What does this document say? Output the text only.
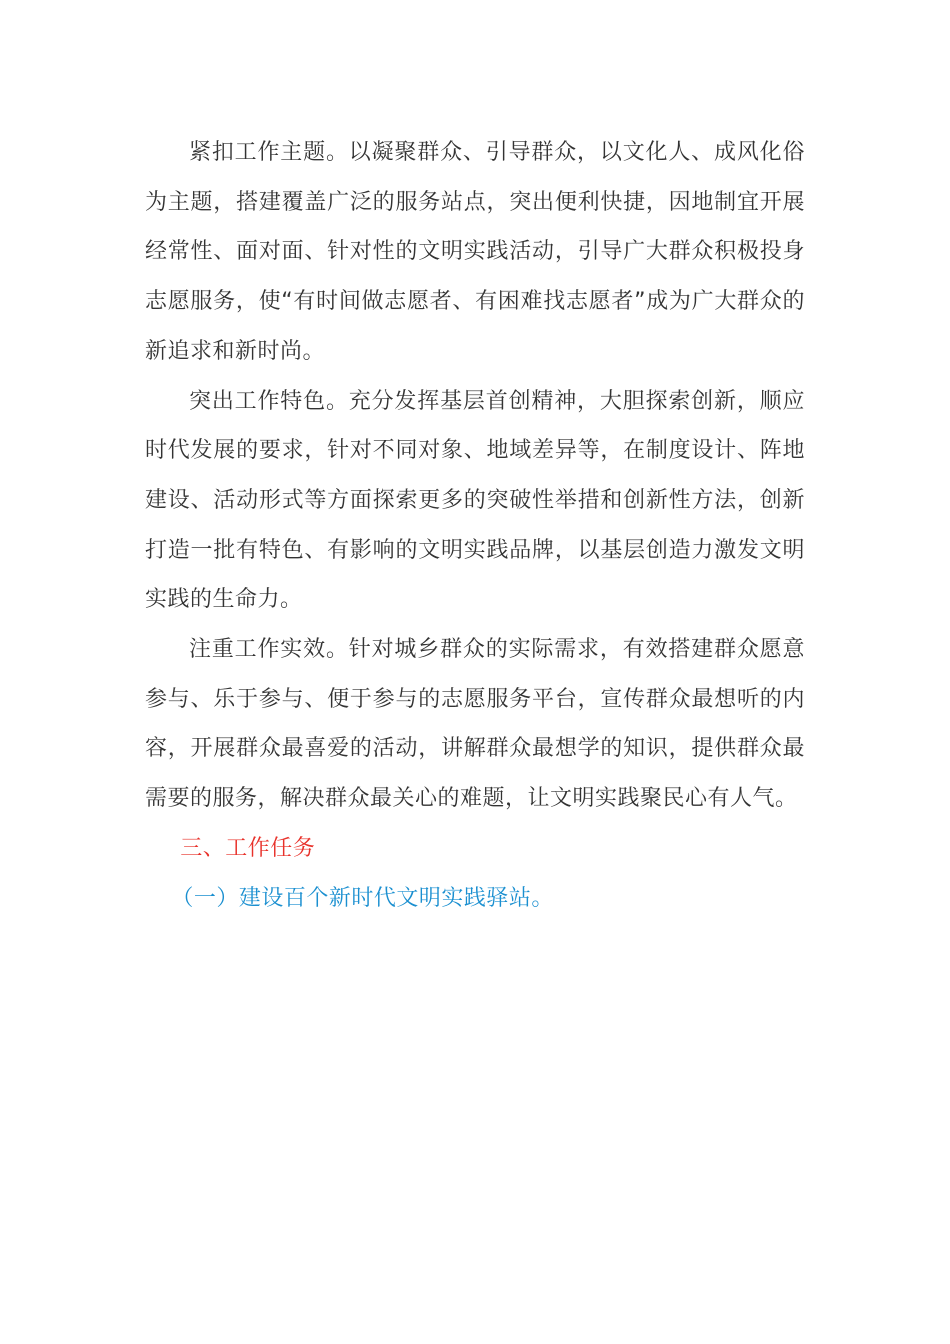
紧扣工作主题。以凝聚群众、引导群众，以文化人、成风化俗为主题，搭建覆盖广泛的服务站点，突出便利快捷，因地制宜开展经常性、面对面、针对性的文明实践活动，引导广大群众积极投身志愿服务，使“有时间做志愿者、有困难找志愿者”成为广大群众的新追求和新时尚。

突出工作特色。充分发挥基层首创精神，大胆探索创新，顺应时代发展的要求，针对不同对象、地域差异等，在制度设计、阵地建设、活动形式等方面探索更多的突破性举措和创新性方法，创新打造一批有特色、有影响的文明实践品牌，以基层创造力激发文明实践的生命力。

注重工作实效。针对城乡群众的实际需求，有效搭建群众愿意参与、乐于参与、便于参与的志愿服务平台，宣传群众最想听的内容，开展群众最喜爱的活动，讲解群众最想学的知识，提供群众最需要的服务，解决群众最关心的难题，让文明实践聚民心有人气。

三、工作任务

（一）建设百个新时代文明实践驿站。
